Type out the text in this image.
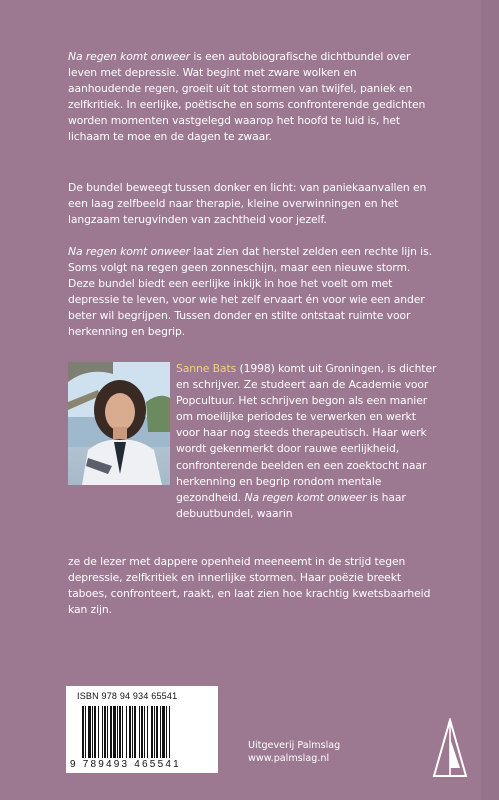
Na regen komt onweer is een autobiografische dichtbundel over leven met depressie. Wat begint met zware wolken en aanhoudende regen, groeit uit tot stormen van twijfel, paniek en zelfkritiek. In eerlijke, poëtische en soms confronterende gedichten worden momenten vastgelegd waarop het hoofd te luid is, het lichaam te moe en de dagen te zwaar.

De bundel beweegt tussen donker en licht: van paniekaanvallen en een laag zelfbeeld naar therapie, kleine overwinningen en het langzaam terugvinden van zachtheid voor jezelf.

Na regen komt onweer laat zien dat herstel zelden een rechte lijn is. Soms volgt na regen geen zonneschijn, maar een nieuwe storm. Deze bundel biedt een eerlijke inkijk in hoe het voelt om met depressie te leven, voor wie het zelf ervaart én voor wie een ander beter wil begrijpen. Tussen donder en stilte ontstaat ruimte voor herkenning en begrip.

Sanne Bats (1998) komt uit Groningen, is dichter en schrijver. Ze studeert aan de Academie voor Popcultuur. Het schrijven begon als een manier om moeilijke periodes te verwerken en werkt voor haar nog steeds therapeutisch. Haar werk wordt gekenmerkt door rauwe eerlijkheid, confronterende beelden en een zoektocht naar herkenning en begrip rondom mentale gezondheid. Na regen komt onweer is haar debuutbundel, waarin

ze de lezer met dappere openheid meeneemt in de strijd tegen depressie, zelfkritiek en innerlijke stormen. Haar poëzie breekt taboes, confronteert, raakt, en laat zien hoe krachtig kwetsbaarheid kan zijn.

ISBN 978 94 934 65541
9 789493 465541
Uitgeverij Palmslag
www.palmslag.nl
